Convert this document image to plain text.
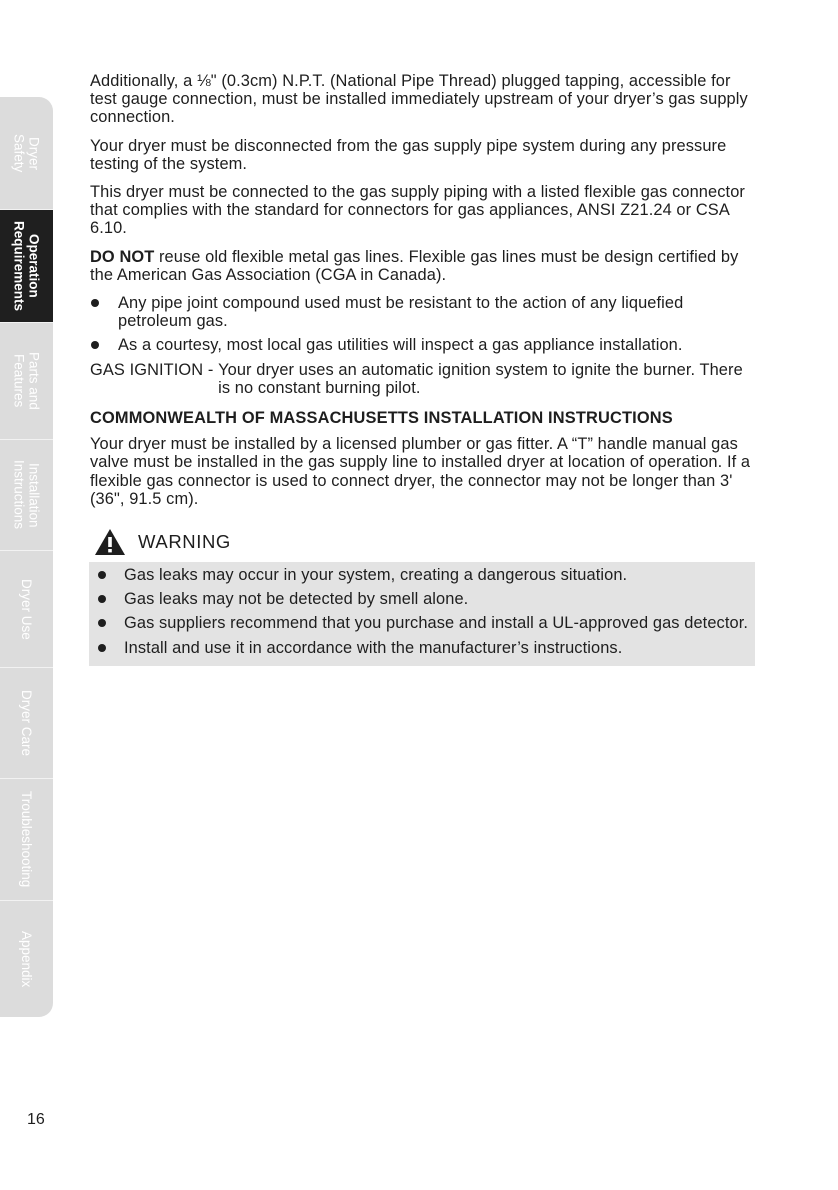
Dryer
Safety
Operation
Requirements
Parts and
Features
Installation
Instructions
Dryer Use
Dryer Care
Troubleshooting
Appendix

Additionally, a ⅛" (0.3cm) N.P.T. (National Pipe Thread) plugged tapping, accessible for test gauge connection, must be installed immediately upstream of your dryer’s gas supply connection.

Your dryer must be disconnected from the gas supply pipe system during any pressure testing of the system.

This dryer must be connected to the gas supply piping with a listed flexible gas connector that complies with the standard for connectors for gas appliances, ANSI Z21.24 or CSA 6.10.

DO NOT reuse old flexible metal gas lines. Flexible gas lines must be design certified by the American Gas Association (CGA in Canada).

Any pipe joint compound used must be resistant to the action of any liquefied petroleum gas.
As a courtesy, most local gas utilities will inspect a gas appliance installation.
GAS IGNITION - Your dryer uses an automatic ignition system to ignite the burner. There is no constant burning pilot.
COMMONWEALTH OF MASSACHUSETTS INSTALLATION INSTRUCTIONS

Your dryer must be installed by a licensed plumber or gas fitter. A “T” handle manual gas valve must be installed in the gas supply line to installed dryer at location of operation. If a flexible gas connector is used to connect dryer, the connector may not be longer than 3' (36", 91.5 cm).

WARNING
Gas leaks may occur in your system, creating a dangerous situation.
Gas leaks may not be detected by smell alone.
Gas suppliers recommend that you purchase and install a UL-approved gas detector.
Install and use it in accordance with the manufacturer’s instructions.
16
